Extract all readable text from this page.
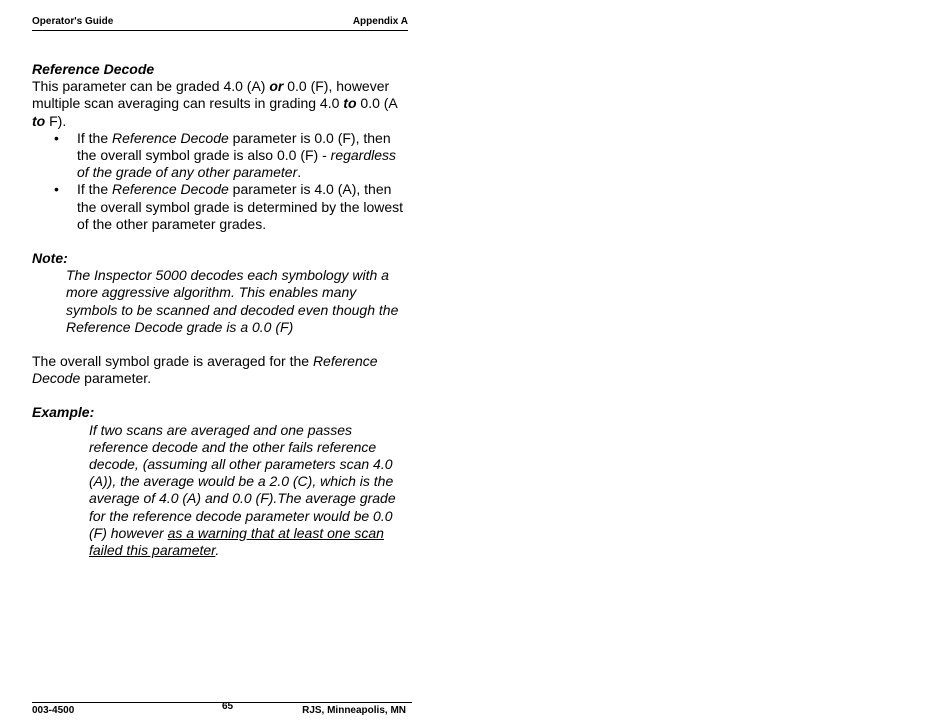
Operator's Guide	Appendix A

Reference Decode

This parameter can be graded 4.0 (A) or 0.0 (F), however multiple scan averaging can results in grading 4.0 to 0.0 (A to F).

• If the Reference Decode parameter is 0.0 (F), then the overall symbol grade is also 0.0 (F) - regardless of the grade of any other parameter.
• If the Reference Decode parameter is 4.0 (A), then the overall symbol grade is determined by the lowest of the other parameter grades.

Note:

The Inspector 5000 decodes each symbology with a more aggressive algorithm. This enables many symbols to be scanned and decoded even though the Reference Decode grade is a 0.0 (F)

The overall symbol grade is averaged for the Reference Decode parameter.

Example:

If two scans are averaged and one passes reference decode and the other fails reference decode, (assuming all other parameters scan 4.0 (A)), the average would be a 2.0 (C), which is the average of 4.0 (A) and 0.0 (F).The average grade for the reference decode parameter would be 0.0 (F) however as a warning that at least one scan failed this parameter.

003-4500	65	RJS, Minneapolis, MN
